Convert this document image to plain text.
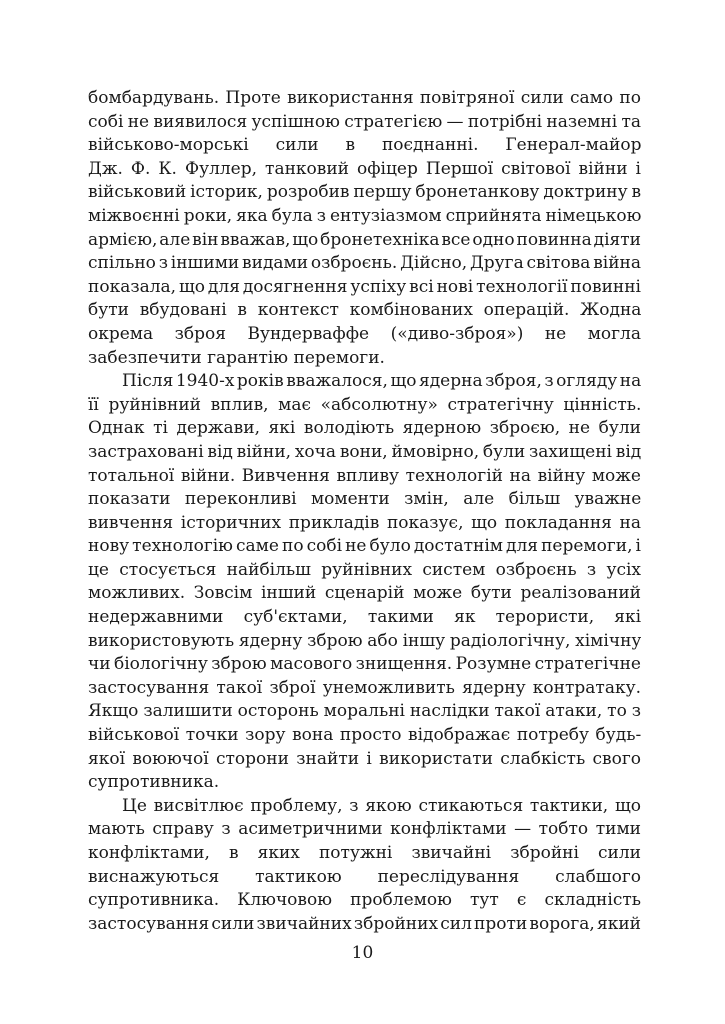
бомбардувань. Проте використання повітряної сили само по
собі не виявилося успішною стратегією — потрібні наземні та
військово-морські сили в поєднанні. Генерал-майор
Дж. Ф. К. Фуллер, танковий офіцер Першої світової війни і
військовий історик, розробив першу бронетанкову доктрину в
міжвоєнні роки, яка була з ентузіазмом сприйнята німецькою
армією, але він вважав, що бронетехніка все одно повинна діяти
спільно з іншими видами озброєнь. Дійсно, Друга світова війна
показала, що для досягнення успіху всі нові технології повинні
бути вбудовані в контекст комбінованих операцій. Жодна
окрема зброя Вундерваффе («диво-зброя») не могла
забезпечити гарантію перемоги.
Після 1940-х років вважалося, що ядерна зброя, з огляду на
її руйнівний вплив, має «абсолютну» стратегічну цінність.
Однак ті держави, які володіють ядерною зброєю, не були
застраховані від війни, хоча вони, ймовірно, були захищені від
тотальної війни. Вивчення впливу технологій на війну може
показати переконливі моменти змін, але більш уважне
вивчення історичних прикладів показує, що покладання на
нову технологію саме по собі не було достатнім для перемоги, і
це стосується найбільш руйнівних систем озброєнь з усіх
можливих. Зовсім інший сценарій може бути реалізований
недержавними суб'єктами, такими як терористи, які
використовують ядерну зброю або іншу радіологічну, хімічну
чи біологічну зброю масового знищення. Розумне стратегічне
застосування такої зброї унеможливить ядерну контратаку.
Якщо залишити осторонь моральні наслідки такої атаки, то з
військової точки зору вона просто відображає потребу будь-
якої воюючої сторони знайти і використати слабкість свого
супротивника.
Це висвітлює проблему, з якою стикаються тактики, що
мають справу з асиметричними конфліктами — тобто тими
конфліктами, в яких потужні звичайні збройні сили
виснажуються тактикою переслідування слабшого
супротивника. Ключовою проблемою тут є складність
застосування сили звичайних збройних сил проти ворога, який
10
